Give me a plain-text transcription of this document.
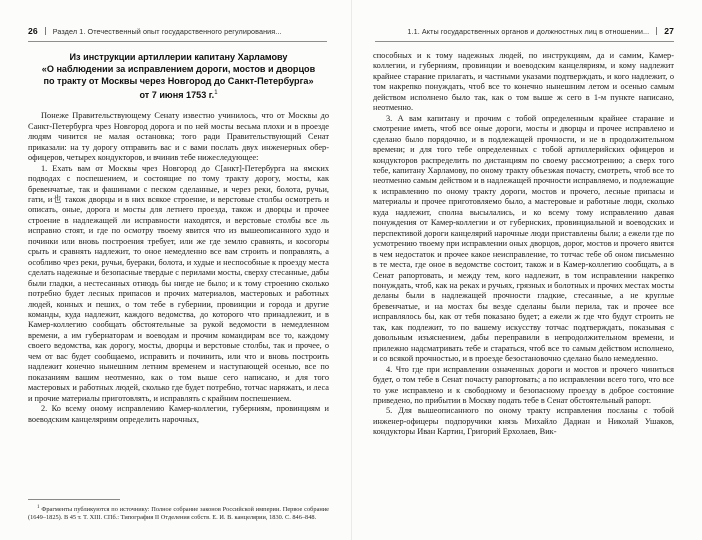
26 Раздел 1. Отечественный опыт государственного регулирования...
Из инструкции артиллерии капитану Харламову
«О наблюдении за исправлением дороги, мостов и дворцов
по тракту от Москвы через Новгород до Санкт-Петербурга»
от 7 июня 1753 г.$^1$

Понеже Правительствующему Сенату известно учинилось, что от Москвы до Санкт-Петербурга чрез Новгород дорога и по ней мосты весьма плохи и в проезде людям чинится не малая остановка; того ради Правительствующий Сенат приказали: на ту дорогу отправить вас и с вами послать двух инженерных обер-офицеров, четырех кондукторов, и вчинив тебе нижеследующее:

1. Ехать вам от Москвы чрез Новгород до С[анкт]-Петербурга на ямских подводах с поспешением, и состоящие по тому тракту дорогу, мосты, как бревенчатые, так и фашинами с песком сделанные, и через реки, болота, ручьи, гати, и也 також дворцы и в них всякое строение, и верстовые столбы осмотреть и описать, оные, дорога и мосты для летнего проезда, також и дворцы и прочее строение в надлежащей ли исправности находятся, и верстовые столбы все ль исправно стоят, и где по осмотру твоему явится что из вышеописанного худо и починки или вновь построения требует, или же где землю сравнять, и косогоры срыть и сравнять надлежит, то оное немедленно все вам строить и поправлять, а особливо чрез реки, ручьи, буераки, болота, и худые и неспособные к проезду места сделать надежные и безопасные твердые с перилами мосты, сверху стесанные, дабы были гладки, а нестесанных отнюдь бы нигде не было; и к тому строению сколько потребно будет лесных припасов и прочих материалов, мастеровых и работных людей, конных и пеших, о том тебе в губернии, провинции и города и другие команды, куда надлежит, каждого ведомства, до которого что принадлежит, и в Камер-коллегию сообщать обстоятельные за рукой ведомости в немедленном времени, а им губернаторам и воеводам и прочим командирам все то, каждому своего ведомства, как дорогу, мосты, дворцы и верстовые столбы, так и прочее, о чем от вас будет сообщаемо, исправить и починить, или что и вновь построить надлежит конечно нынешним летним временем и наступающей осенью, все по показаниям вашим неотменно, как о том выше сего написано, и для того мастеровых и работных людей, сколько где будет потребно, тотчас наряжать, и леса и прочие материалы приготовлять, и исправлять с крайним поспешением.

2. Ко всему оному исправлению Камер-коллегии, губерниям, провинциям и воеводским канцеляриям определить нарочных,

$^1$ Фрагменты публикуются по источнику: Полное собрание законов Российской империи. Первое собрание (1649–1825). В 45 т. Т. XIII. СПб.: Типография II Отделения собств. Е. И. В. канцелярии, 1830. С. 846–848.

1.1. Акты государственных органов и должностных лиц в отношении... 27

способных и к тому надежных людей, по инструкциям, да и самим, Камер-коллегии, и губерниям, провинции и воеводским канцеляриям, и кому надлежит крайнее старание прилагать, и частными указами подтверждать, и кого надлежит, о том накрепко понуждать, чтоб все то конечно нынешним летом и осенью самым действом исполнено было так, как о том выше ж сего в 1-м пункте написано, неотменно.

3. А вам капитану и прочим с тобой определенным крайнее старание и смотрение иметь, чтоб все оные дороги, мосты и дворцы и прочее исправлено и сделано было порядочно, и в подлежащей прочности, и не в продолжительном времени; и для того тебе определенных с тобой артиллерийских офицеров и кондукторов распределить по дистанциям по своему рассмотрению; а сверх того тебе, капитану Харламову, по оному тракту объезжая почасту, смотреть, чтоб все то неотменно самым действом и в надлежащей прочности исправляемо, и подлежащие к исправлению по оному тракту дороги, мостов и прочего, лесные припасы и материалы и прочее приготовляемо было, а мастеровые и работные люди, сколько куда надлежит, сполна высылались, и ко всему тому исправлению давая понуждения от Камер-коллегии и от губернских, провинциальной и воеводских и перспективой дороги канцелярий нарочные люди приставлены были; а ежели где по усмотрению твоему при исправлении оных дворцов, дорог, мостов и прочего явится в чем недостаток и прочее какое неисправление, то тотчас тебе об оном письменно в те места, где оное в ведомстве состоит, також и в Камер-коллегию сообщать, а в Сенат рапортовать, и между тем, кого надлежит, в том исправлении накрепко понуждать, чтоб, как на реках и ручьях, грязных и болотных и прочих местах мосты деланы были в надлежащей прочности гладкие, стесанные, а не круглые бревенчатые, и на мостах бы везде сделаны были перила, так и прочее все исправлялось бы, как от тебя показано будет; а ежели ж где что будут строить не так, как подлежит, то по вашему искусству тотчас подтверждать, показывая с довольным изъяснением, дабы переправили в непродолжительном времени, и прилежно надсматривать тебе и стараться, чтоб все то самым действом исполнено, и со всякой прочностью, и в проезде безостановочно сделано было немедленно.

4. Что где при исправлении означенных дороги и мостов и прочего чиниться будет, о том тебе в Сенат почасту рапортовать; а по исправлении всего того, что все то уже исправлено и к свободному и безопасному проезду в доброе состояние приведено, по прибытии в Москву подать тебе в Сенат обстоятельный рапорт.

5. Для вышеописанного по оному тракту исправления посланы с тобой инженер-офицеры подпоручики князь Михайло Дадиан и Николай Ушаков, кондукторы Иван Картин, Григорий Ерхолаев, Вик-
